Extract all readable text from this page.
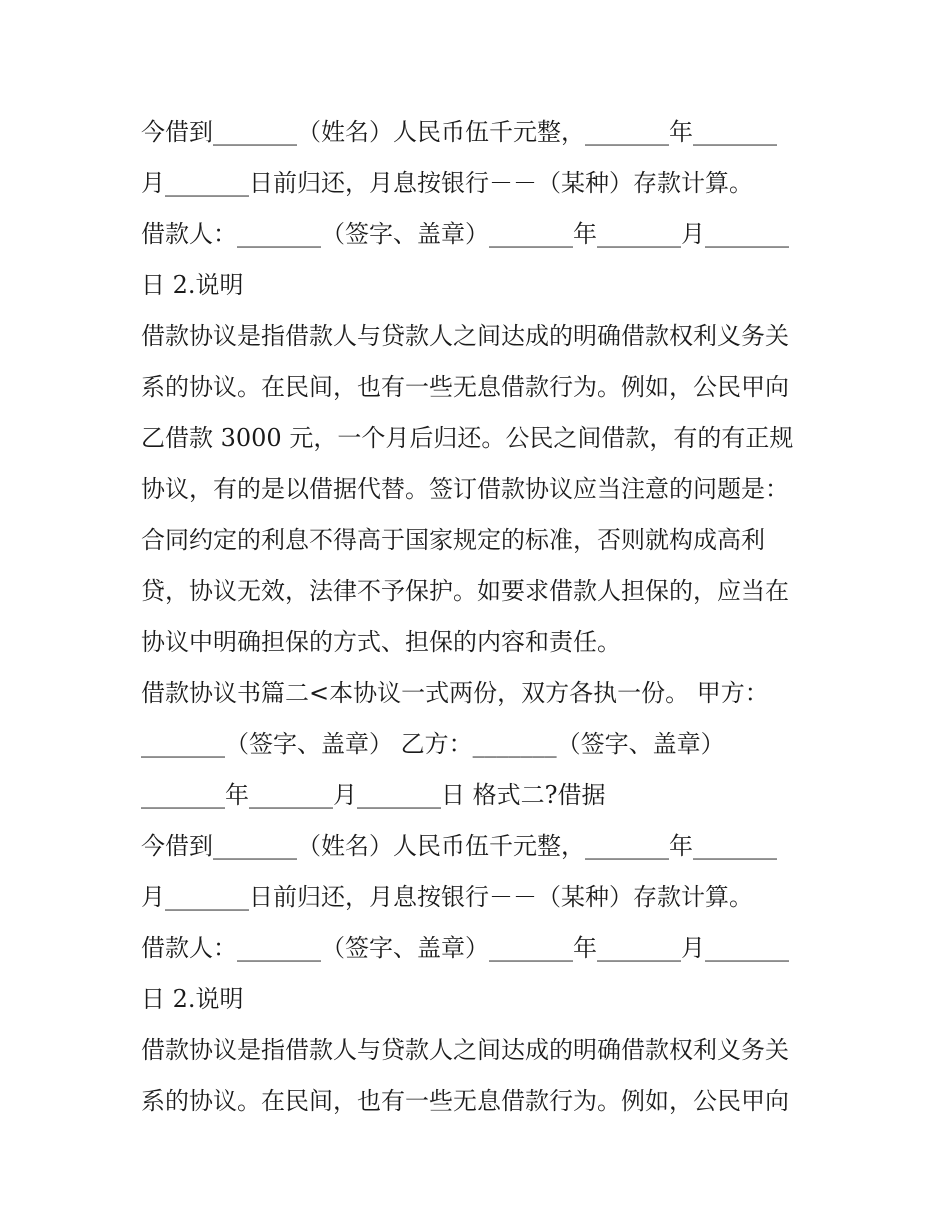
今借到_______（姓名）人民币伍千元整，_______年_______
月_______日前归还，月息按银行－－（某种）存款计算。
借款人：_______（签字、盖章）_______年_______月_______
日 2.说明
借款协议是指借款人与贷款人之间达成的明确借款权利义务关
系的协议。在民间，也有一些无息借款行为。例如，公民甲向
乙借款 3000 元，一个月后归还。公民之间借款，有的有正规
协议，有的是以借据代替。签订借款协议应当注意的问题是：
合同约定的利息不得高于国家规定的标准，否则就构成高利
贷，协议无效，法律不予保护。如要求借款人担保的，应当在
协议中明确担保的方式、担保的内容和责任。
借款协议书篇二<本协议一式两份，双方各执一份。 甲方：
_______（签字、盖章） 乙方：_______（签字、盖章）
_______年_______月_______日 格式二?借据
今借到_______（姓名）人民币伍千元整，_______年_______
月_______日前归还，月息按银行－－（某种）存款计算。
借款人：_______（签字、盖章）_______年_______月_______
日 2.说明
借款协议是指借款人与贷款人之间达成的明确借款权利义务关
系的协议。在民间，也有一些无息借款行为。例如，公民甲向
